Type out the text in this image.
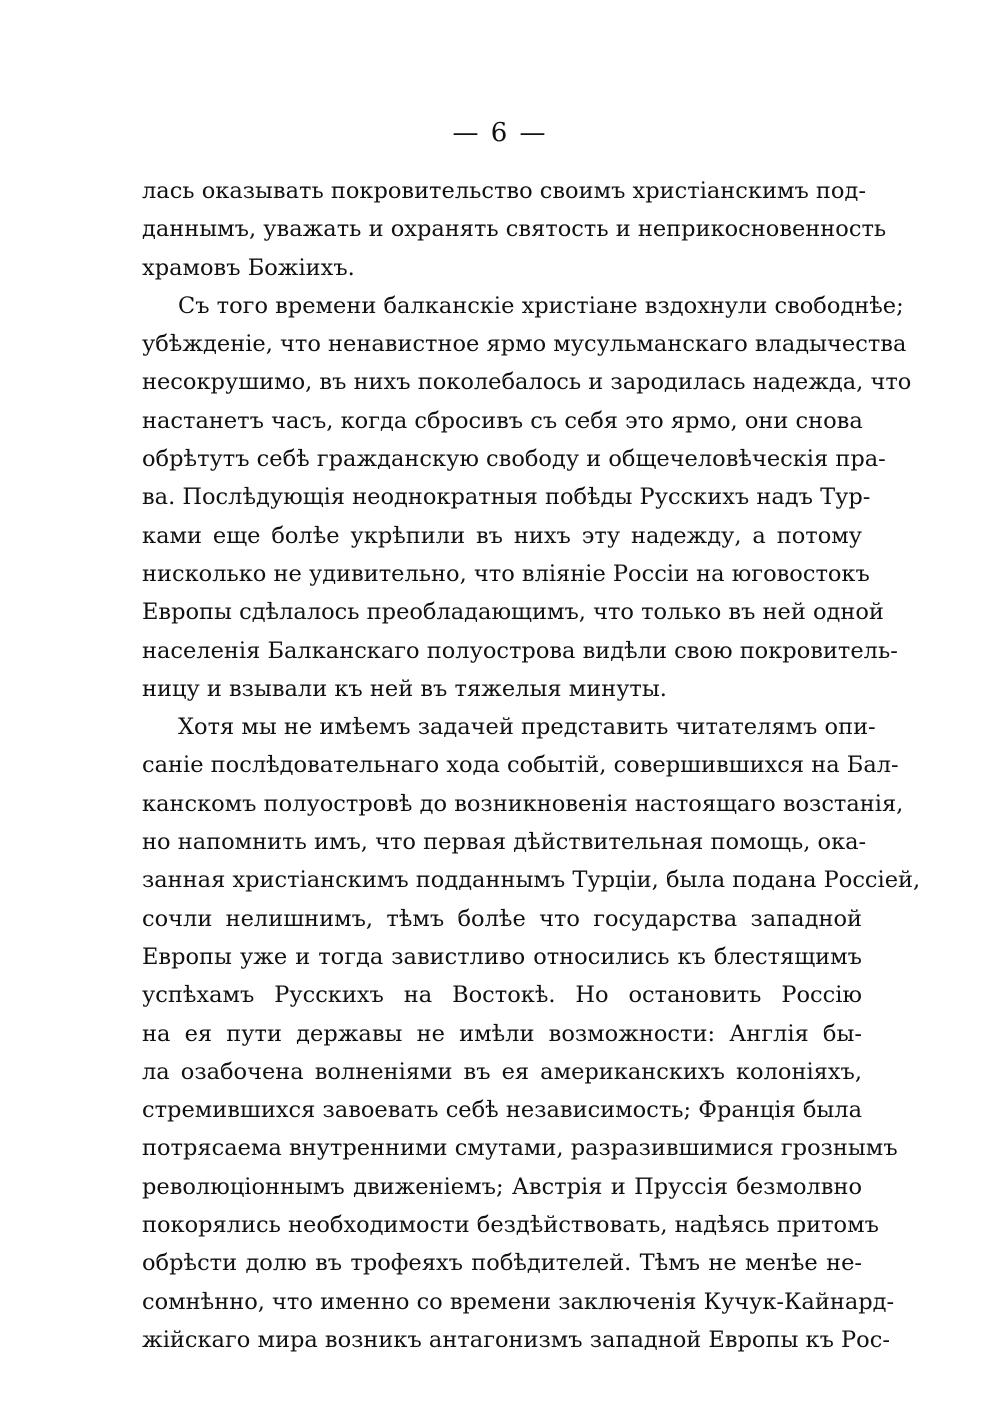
— 6 —
лась оказывать покровительство своимъ христіанскимъ под-
даннымъ, уважать и охранять святость и неприкосновенность
храмовъ Божіихъ.
Съ того времени балканскіе христіане вздохнули свободнѣе;
убѣжденіе, что ненавистное ярмо мусульманскаго владычества
несокрушимо, въ нихъ поколебалось и зародилась надежда, что
настанетъ часъ, когда сбросивъ съ себя это ярмо, они снова
обрѣтутъ себѣ гражданскую свободу и общечеловѣческія пра-
ва. Послѣдующія неоднократныя побѣды Русскихъ надъ Тур-
ками еще болѣе укрѣпили въ нихъ эту надежду, а потому
нисколько не удивительно, что вліяніе Россіи на юговостокъ
Европы сдѣлалось преобладающимъ, что только въ ней одной
населенія Балканскаго полуострова видѣли свою покровитель-
ницу и взывали къ ней въ тяжелыя минуты.
Хотя мы не имѣемъ задачей представить читателямъ опи-
саніе послѣдовательнаго хода событій, совершившихся на Бал-
канскомъ полуостровѣ до возникновенія настоящаго возстанія,
но напомнить имъ, что первая дѣйствительная помощь, ока-
занная христіанскимъ подданнымъ Турціи, была подана Россіей,
сочли нелишнимъ, тѣмъ болѣе что государства западной
Европы уже и тогда завистливо относились къ блестящимъ
успѣхамъ Русскихъ на Востокѣ. Но остановить Россію
на ея пути державы не имѣли возможности: Англія бы-
ла озабочена волненіями въ ея американскихъ колоніяхъ,
стремившихся завоевать себѣ независимость; Франція была
потрясаема внутренними смутами, разразившимися грознымъ
революціоннымъ движеніемъ; Австрія и Пруссія безмолвно
покорялись необходимости бездѣйствовать, надѣясь притомъ
обрѣсти долю въ трофеяхъ побѣдителей. Тѣмъ не менѣе не-
сомнѣнно, что именно со времени заключенія Кучук-Кайнард-
жійскаго мира возникъ антагонизмъ западной Европы къ Рос-
